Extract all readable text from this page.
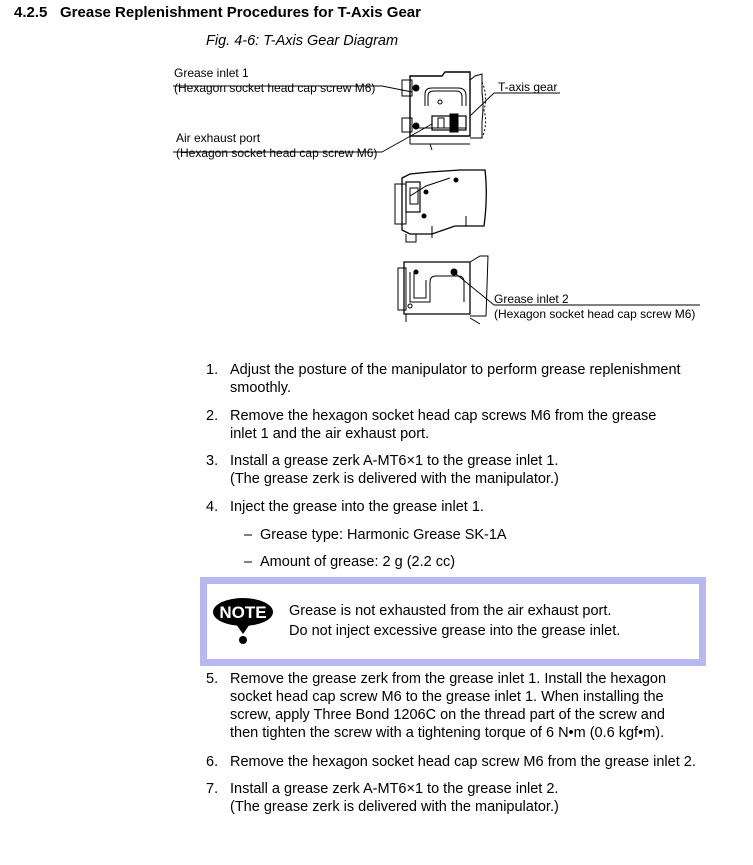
4.2.5 Grease Replenishment Procedures for T-Axis Gear
Fig. 4-6: T-Axis Gear Diagram
Grease inlet 1
(Hexagon socket head cap screw M6)
Air exhaust port
(Hexagon socket head cap screw M6)
T-axis gear
Grease inlet 2
(Hexagon socket head cap screw M6)
1. Adjust the posture of the manipulator to perform grease replenishment
smoothly.
2. Remove the hexagon socket head cap screws M6 from the grease
inlet 1 and the air exhaust port.
3. Install a grease zerk A-MT6×1 to the grease inlet 1.
(The grease zerk is delivered with the manipulator.)
4. Inject the grease into the grease inlet 1.
– Grease type: Harmonic Grease SK-1A
– Amount of grease: 2 g (2.2 cc)
5. Remove the grease zerk from the grease inlet 1. Install the hexagon
socket head cap screw M6 to the grease inlet 1. When installing the
screw, apply Three Bond 1206C on the thread part of the screw and
then tighten the screw with a tightening torque of 6 N•m (0.6 kgf•m).
6. Remove the hexagon socket head cap screw M6 from the grease inlet 2.
7. Install a grease zerk A-MT6×1 to the grease inlet 2.
(The grease zerk is delivered with the manipulator.)
NOTE Grease is not exhausted from the air exhaust port.
Do not inject excessive grease into the grease inlet.
